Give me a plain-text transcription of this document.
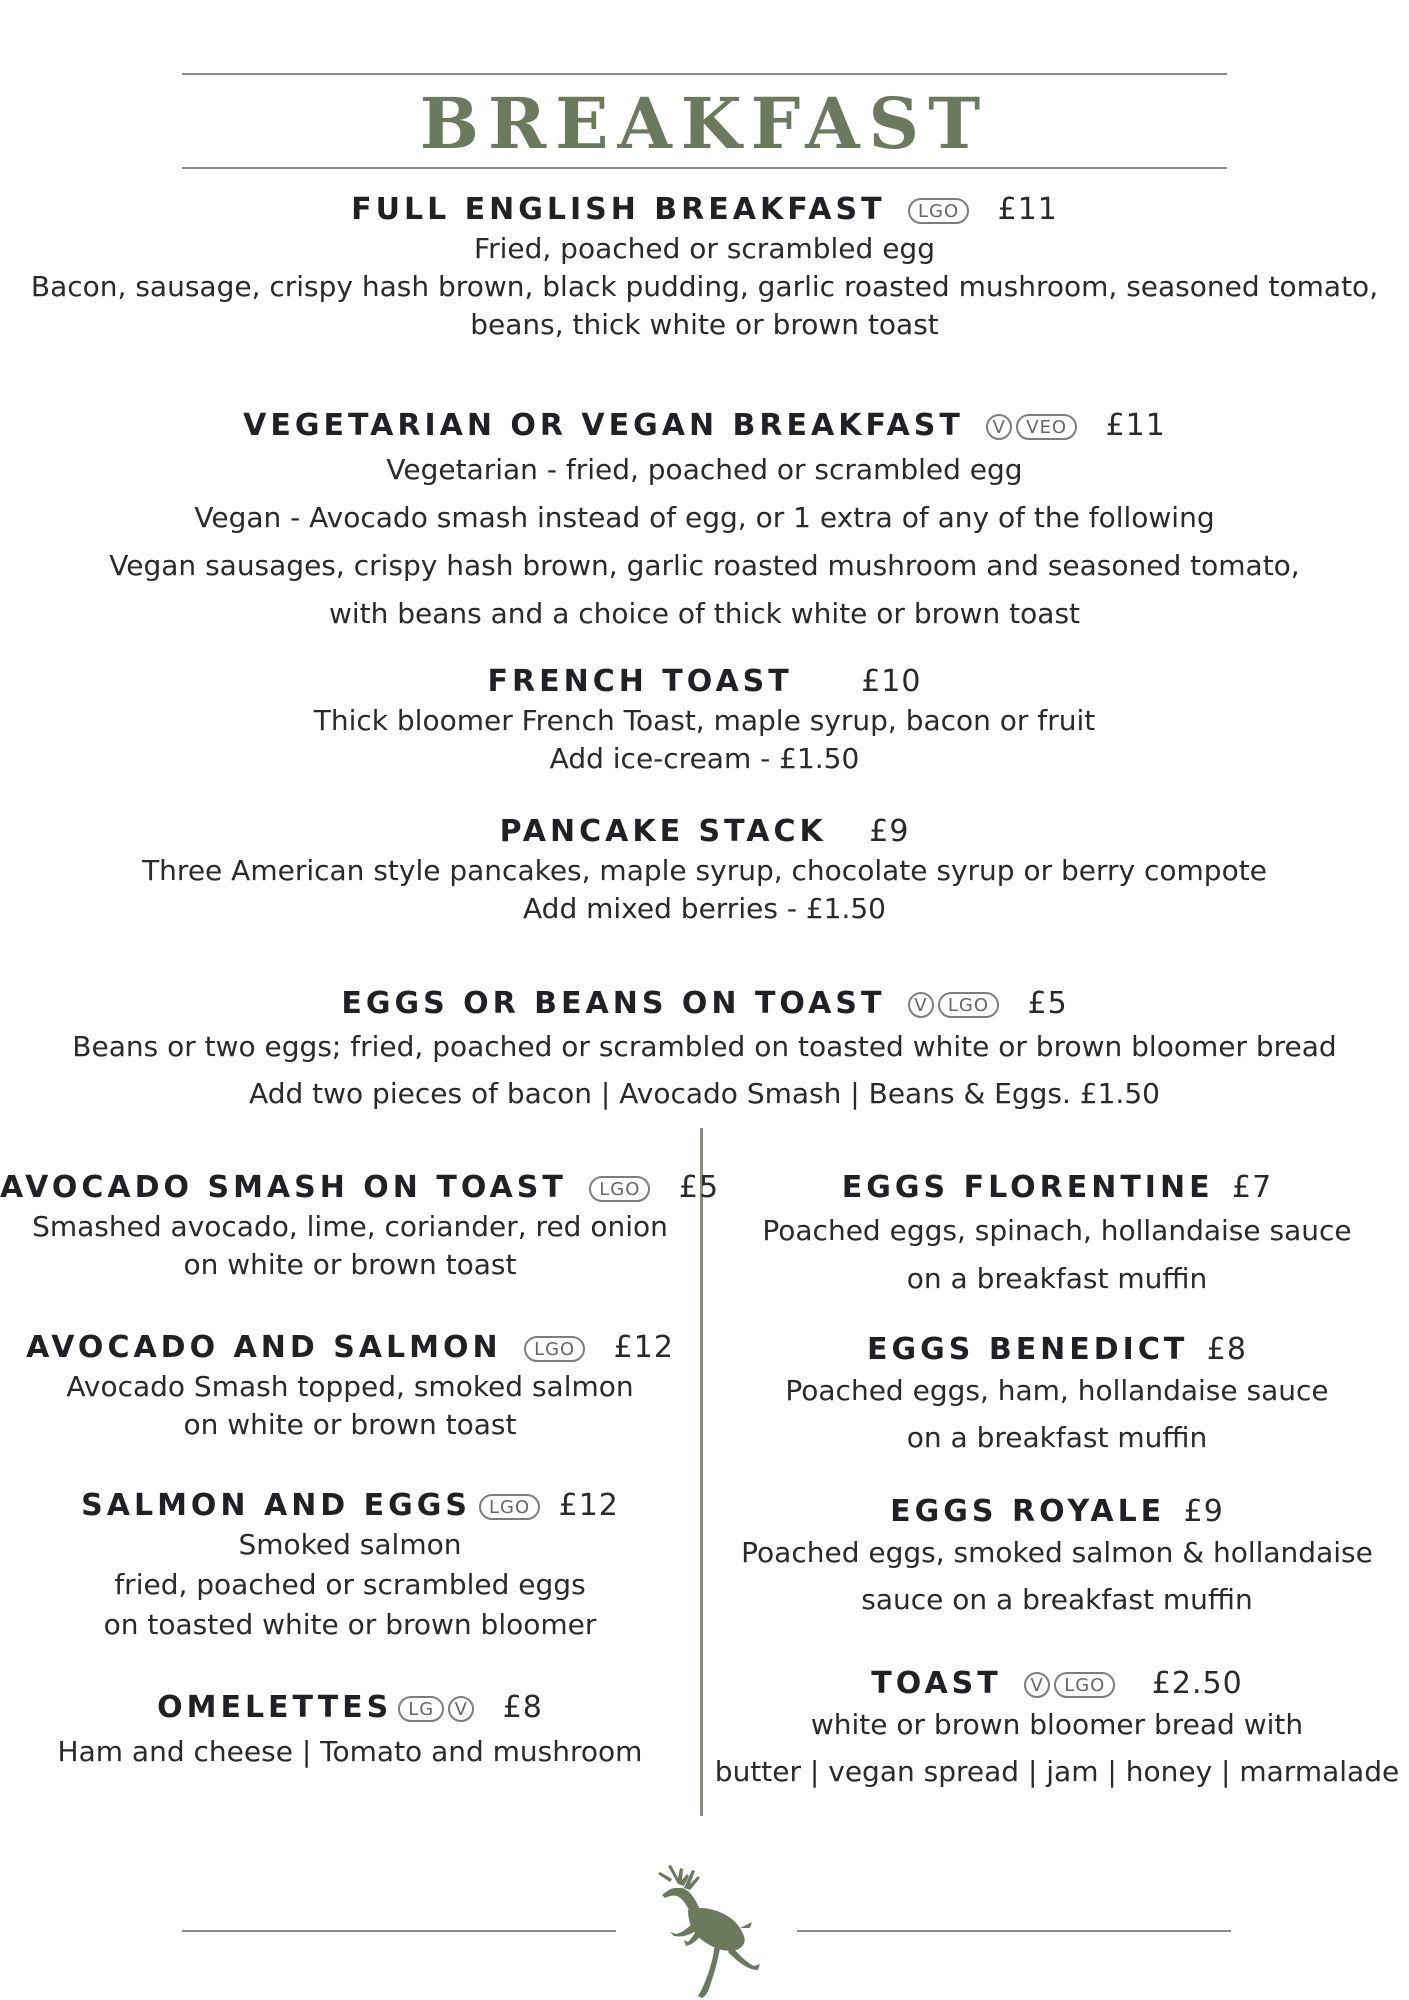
BREAKFAST
FULL ENGLISH BREAKFAST LGO £11
Fried, poached or scrambled egg
Bacon, sausage, crispy hash brown, black pudding, garlic roasted mushroom, seasoned tomato,
beans, thick white or brown toast
VEGETARIAN OR VEGAN BREAKFAST V VEO £11
Vegetarian - fried, poached or scrambled egg
Vegan - Avocado smash instead of egg, or 1 extra of any of the following
Vegan sausages, crispy hash brown, garlic roasted mushroom and seasoned tomato,
with beans and a choice of thick white or brown toast
FRENCH TOAST £10
Thick bloomer French Toast, maple syrup, bacon or fruit
Add ice-cream - £1.50
PANCAKE STACK £9
Three American style pancakes, maple syrup, chocolate syrup or berry compote
Add mixed berries - £1.50
EGGS OR BEANS ON TOAST V LGO £5
Beans or two eggs; fried, poached or scrambled on toasted white or brown bloomer bread
Add two pieces of bacon | Avocado Smash | Beans & Eggs. £1.50
AVOCADO SMASH ON TOAST LGO £5
Smashed avocado, lime, coriander, red onion
on white or brown toast
AVOCADO AND SALMON LGO £12
Avocado Smash topped, smoked salmon
on white or brown toast
SALMON AND EGGS LGO £12
Smoked salmon
fried, poached or scrambled eggs
on toasted white or brown bloomer
OMELETTES LG V £8
Ham and cheese | Tomato and mushroom
EGGS FLORENTINE £7
Poached eggs, spinach, hollandaise sauce
on a breakfast muffin
EGGS BENEDICT £8
Poached eggs, ham, hollandaise sauce
on a breakfast muffin
EGGS ROYALE £9
Poached eggs, smoked salmon & hollandaise
sauce on a breakfast muffin
TOAST V LGO £2.50
white or brown bloomer bread with
butter | vegan spread | jam | honey | marmalade
